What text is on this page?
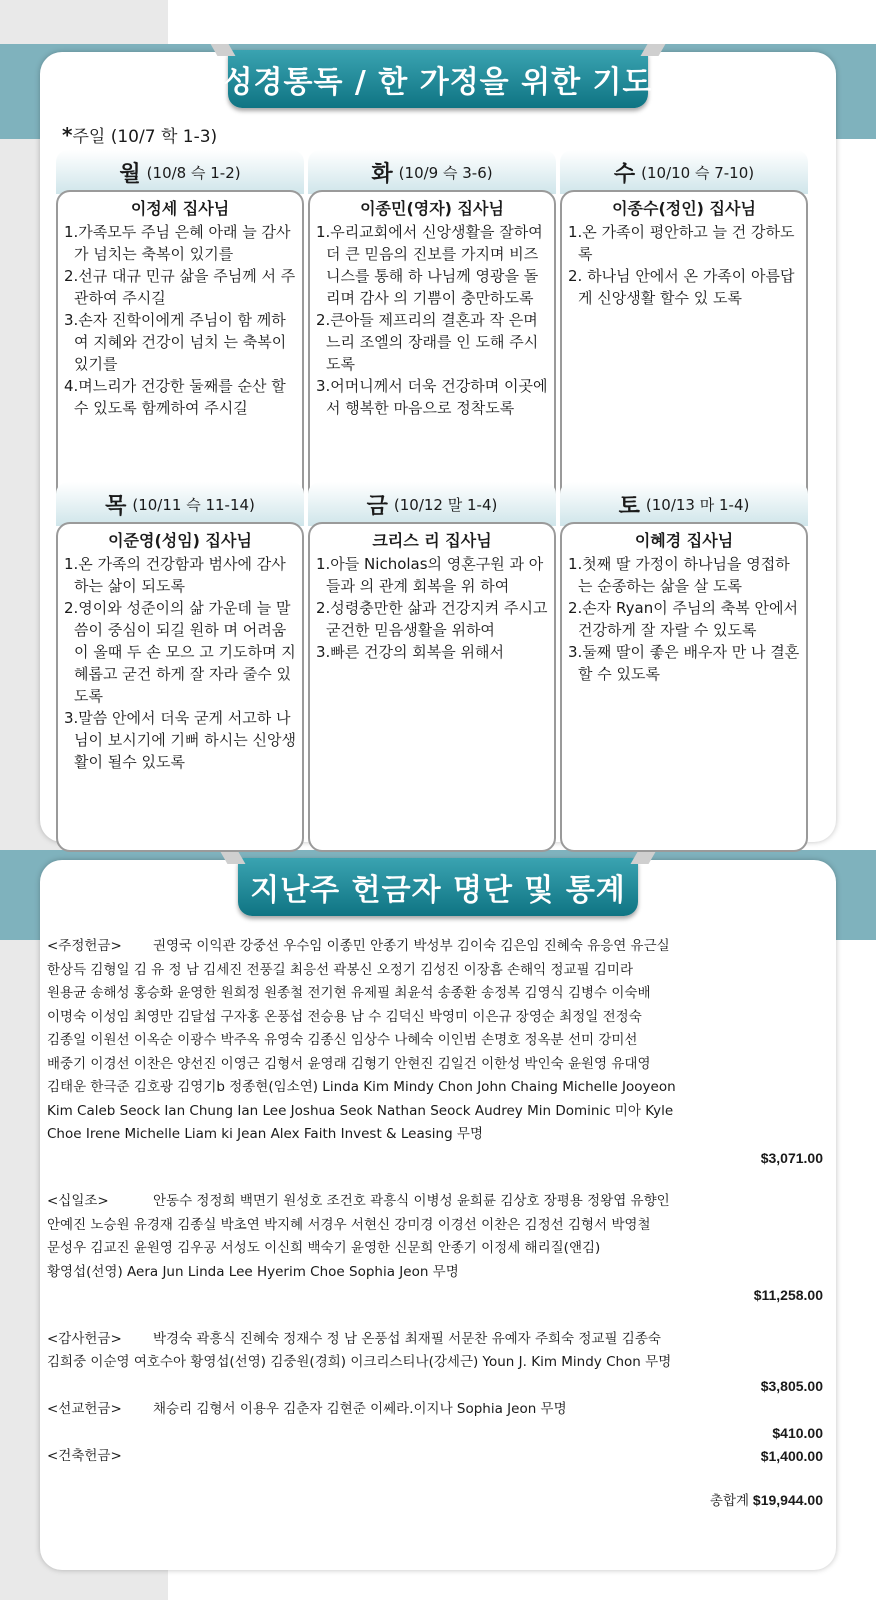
성경통독 / 한 가정을 위한 기도
*주일 (10/7 학 1-3)
월 (10/8 슥 1-2)
이정세 집사님
1.가족모두 주님 은혜 아래 늘 감사가 넘치는 축복이 있기를
2.선규 대규 민규 삶을 주님께 서 주관하여 주시길
3.손자 진학이에게 주님이 함 께하여 지혜와 건강이 넘치 는 축복이 있기를
4.며느리가 건강한 둘째를 순산 할 수 있도록 함께하여 주시길
화 (10/9 슥 3-6)
이종민(영자) 집사님
1.우리교회에서 신앙생활을 잘하여 더 큰 믿음의 진보를 가지며 비즈니스를 통해 하 나님께 영광을 돌리며 감사 의 기쁨이 충만하도록
2.큰아들 제프리의 결혼과 작 은며느리 조엘의 장래를 인 도해 주시도록
3.어머니께서 더욱 건강하며 이곳에서 행복한 마음으로 정착도록
수 (10/10 슥 7-10)
이종수(정인) 집사님
1.온 가족이 평안하고 늘 건 강하도록
2. 하나님 안에서 온 가족이 아름답게 신앙생활 할수 있 도록
목 (10/11 슥 11-14)
이준영(성임) 집사님
1.온 가족의 건강함과 범사에 감사하는 삶이 되도록
2.영이와 성준이의 삶 가운데 늘 말씀이 중심이 되길 원하 며 어려움이 올때 두 손 모으 고 기도하며 지혜롭고 굳건 하게 잘 자라 줄수 있도록
3.말씀 안에서 더욱 굳게 서고하 나님이 보시기에 기뻐 하시는 신앙생활이 될수 있도록
금 (10/12 말 1-4)
크리스 리 집사님
1.아들 Nicholas의 영혼구원 과 아들과 의 관계 회복을 위 하여
2.성령충만한 삶과 건강지켜 주시고 굳건한 믿음생활을 위하여
3.빠른 건강의 회복을 위해서
토 (10/13 마 1-4)
이혜경 집사님
1.첫째 딸 가정이 하나님을 영접하는 순종하는 삶을 살 도록
2.손자 Ryan이 주님의 축복 안에서 건강하게 잘 자랄 수 있도록
3.둘째 딸이 좋은 배우자 만 나 결혼 할 수 있도록
지난주 헌금자 명단 및 통계
<주정헌금> 권영국 이익관 강중선 우수임 이종민 안종기 박성부 김이숙 김은임 진혜숙 유응연 유근실
한상득 김형일 김 유 정 남 김세진 전풍길 최응선 곽봉신 오정기 김성진 이장흠 손해익 정교필 김미라
원용균 송해성 홍승화 윤영한 원희정 원종철 전기현 유제필 최윤석 송종환 송정복 김영식 김병수 이숙배
이명숙 이성임 최영만 김달섭 구자홍 온풍섭 전승용 남 수 김덕신 박영미 이은규 장영순 최정일 전정숙
김종일 이원선 이옥순 이광수 박주옥 유영숙 김종신 임상수 나혜숙 이인범 손명호 정옥분 선미 강미선
배중기 이경선 이찬은 양선진 이영근 김형서 윤영래 김형기 안현진 김일건 이한성 박인숙 윤원영 유대영
김태운 한극준 김호광 김영기b 정종현(임소연) Linda Kim Mindy Chon John Chaing Michelle Jooyeon
Kim Caleb Seock Ian Chung Ian Lee Joshua Seok Nathan Seock Audrey Min Dominic 미아 Kyle
Choe Irene Michelle Liam ki Jean Alex Faith Invest & Leasing 무명
$3,071.00
<십일조>	안동수 정정희 백면기 원성호 조건호 곽흥식 이병성 윤희륜 김상호 장평용 정왕엽 유향인
안예진 노승원 유경재 김종실 박초연 박지혜 서경우 서현신 강미경 이경선 이찬은 김정선 김형서 박영철
문성우 김교진 윤원영 김우공 서성도 이신희 백숙기 윤영한 신문희 안종기 이정세 해리질(앤김)
황영섭(선영) Aera Jun Linda Lee Hyerim Choe Sophia Jeon 무명
$11,258.00
<감사헌금> 박경숙 곽흥식 진혜숙 정재수 정 남 온풍섭 최재필 서문찬 유예자 주희숙 정교필 김종숙
김희중 이순영 여호수아 황영섭(선영) 김중원(경희) 이크리스티나(강세근) Youn J. Kim Mindy Chon 무명
$3,805.00
<선교헌금> 채승리 김형서 이용우 김춘자 김현준 이쎄라.이지나 Sophia Jeon 무명
$410.00
<건축헌금>	$1,400.00
총합계 $19,944.00
